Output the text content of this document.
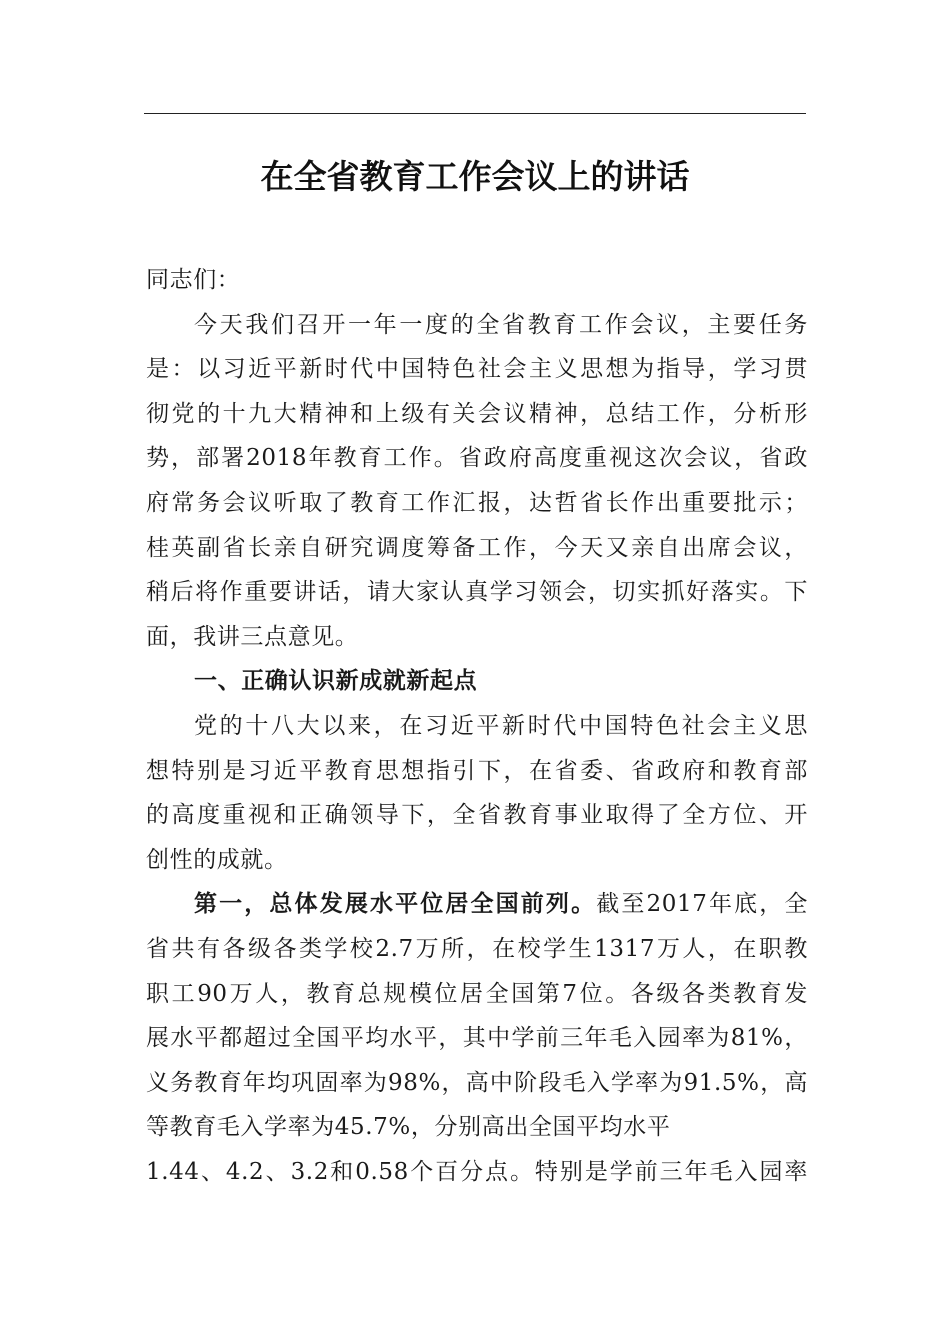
在全省教育工作会议上的讲话
同志们：
今天我们召开一年一度的全省教育工作会议，主要任务
是：以习近平新时代中国特色社会主义思想为指导，学习贯
彻党的十九大精神和上级有关会议精神，总结工作，分析形
势，部署2018年教育工作。省政府高度重视这次会议，省政
府常务会议听取了教育工作汇报，达哲省长作出重要批示；
桂英副省长亲自研究调度筹备工作，今天又亲自出席会议，
稍后将作重要讲话，请大家认真学习领会，切实抓好落实。下
面，我讲三点意见。
一、正确认识新成就新起点
党的十八大以来，在习近平新时代中国特色社会主义思
想特别是习近平教育思想指引下，在省委、省政府和教育部
的高度重视和正确领导下，全省教育事业取得了全方位、开
创性的成就。
第一，总体发展水平位居全国前列。截至2017年底，全
省共有各级各类学校2.7万所，在校学生1317万人，在职教
职工90万人，教育总规模位居全国第7位。各级各类教育发
展水平都超过全国平均水平，其中学前三年毛入园率为81%，
义务教育年均巩固率为98%，高中阶段毛入学率为91.5%，高
等教育毛入学率为45.7%，分别高出全国平均水平
1.44、4.2、3.2和0.58个百分点。特别是学前三年毛入园率
